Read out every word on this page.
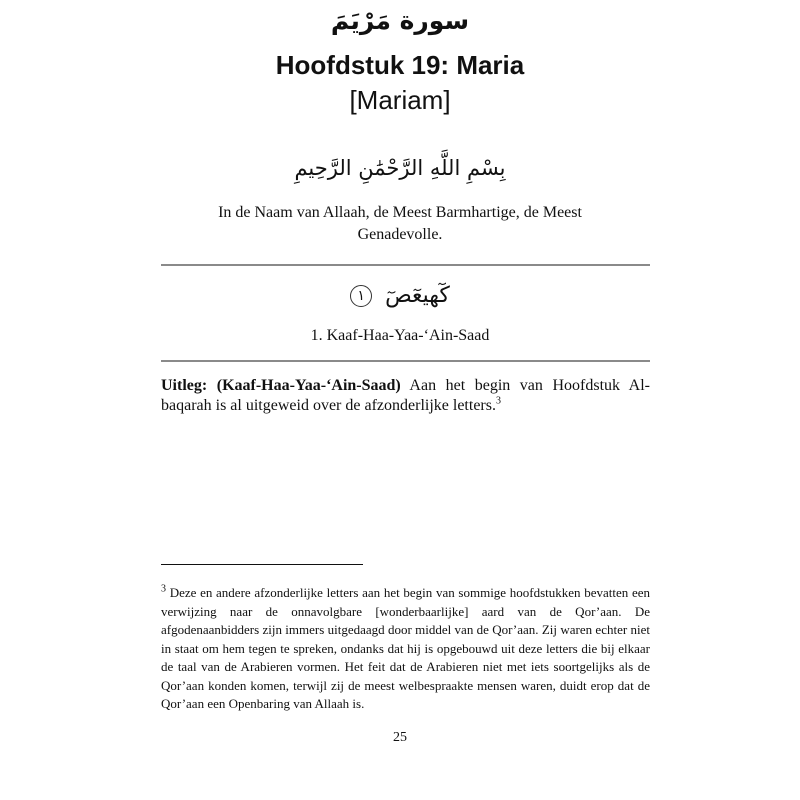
سورة مَرْيَمَ
Hoofdstuk 19: Maria
[Mariam]
بِسْمِ اللَّهِ الرَّحْمَٰنِ الرَّحِيمِ
In de Naam van Allaah, de Meest Barmhartige, de Meest Genadevolle.
كٓهيعٓصٓ ١
1. Kaaf-Haa-Yaa-‘Ain-Saad
Uitleg: (Kaaf-Haa-Yaa-‘Ain-Saad) Aan het begin van Hoofdstuk Al-baqarah is al uitgeweid over de afzonderlijke letters.$^3$
$^3$ Deze en andere afzonderlijke letters aan het begin van sommige hoofdstukken bevatten een verwijzing naar de onnavolgbare [wonderbaarlijke] aard van de Qor’aan. De afgodenaanbidders zijn immers uitgedaagd door middel van de Qor’aan. Zij waren echter niet in staat om hem tegen te spreken, ondanks dat hij is opgebouwd uit deze letters die bij elkaar de taal van de Arabieren vormen. Het feit dat de Arabieren niet met iets soortgelijks als de Qor’aan konden komen, terwijl zij de meest welbespraakte mensen waren, duidt erop dat de Qor’aan een Openbaring van Allaah is.
25
